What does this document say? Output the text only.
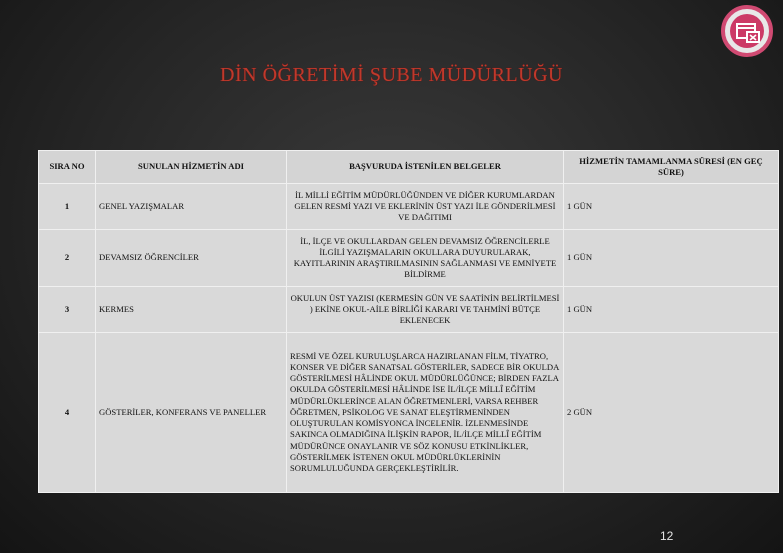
DİN ÖĞRETİMİ ŞUBE MÜDÜRLÜĞÜ
SIRA NO	SUNULAN HİZMETİN ADI	BAŞVURUDA İSTENİLEN BELGELER	HİZMETİN TAMAMLANMA SÜRESİ (EN GEÇ SÜRE)
1	GENEL YAZIŞMALAR	İL MİLLİ EĞİTİM MÜDÜRLÜĞÜNDEN VE DİĞER KURUMLARDAN GELEN RESMİ YAZI VE EKLERİNİN ÜST YAZI İLE GÖNDERİLMESİ VE DAĞITIMI	1 GÜN
2	DEVAMSIZ ÖĞRENCİLER	İL, İLÇE VE OKULLARDAN GELEN DEVAMSIZ ÖĞRENCİLERLE İLGİLİ YAZIŞMALARIN OKULLARA DUYURULARAK, KAYITLARININ ARAŞTIRILMASININ SAĞLANMASI VE EMNİYETE BİLDİRME	1 GÜN
3	KERMES	OKULUN ÜST YAZISI (KERMESİN GÜN VE SAATİNİN BELİRTİLMESİ ) EKİNE OKUL-AİLE BİRLİĞİ KARARI VE TAHMİNİ BÜTÇE EKLENECEK	1 GÜN
4	GÖSTERİLER, KONFERANS VE PANELLER	RESMİ VE ÖZEL KURULUŞLARCA HAZIRLANAN FİLM, TİYATRO, KONSER VE DİĞER SANATSAL GÖSTERİLER, SADECE BİR OKULDA GÖSTERİLMESİ HÂLİNDE OKUL MÜDÜRLÜĞÜNCE; BİRDEN FAZLA OKULDA GÖSTERİLMESİ HÂLİNDE İSE İL/İLÇE MİLLÎ EĞİTİM MÜDÜRLÜKLERİNCE ALAN ÖĞRETMENLERİ, VARSA REHBER ÖĞRETMEN, PSİKOLOG VE SANAT ELEŞTİRMENİNDEN OLUŞTURULAN KOMİSYONCA İNCELENİR. İZLENMESİNDE SAKINCA OLMADIĞINA İLİŞKİN RAPOR, İL/İLÇE MİLLÎ EĞİTİM MÜDÜRÜNCE ONAYLANIR VE SÖZ KONUSU ETKİNLİKLER, GÖSTERİLMEK İSTENEN OKUL MÜDÜRLÜKLERİNİN SORUMLULUĞUNDA GERÇEKLEŞTİRİLİR.	2 GÜN
12
